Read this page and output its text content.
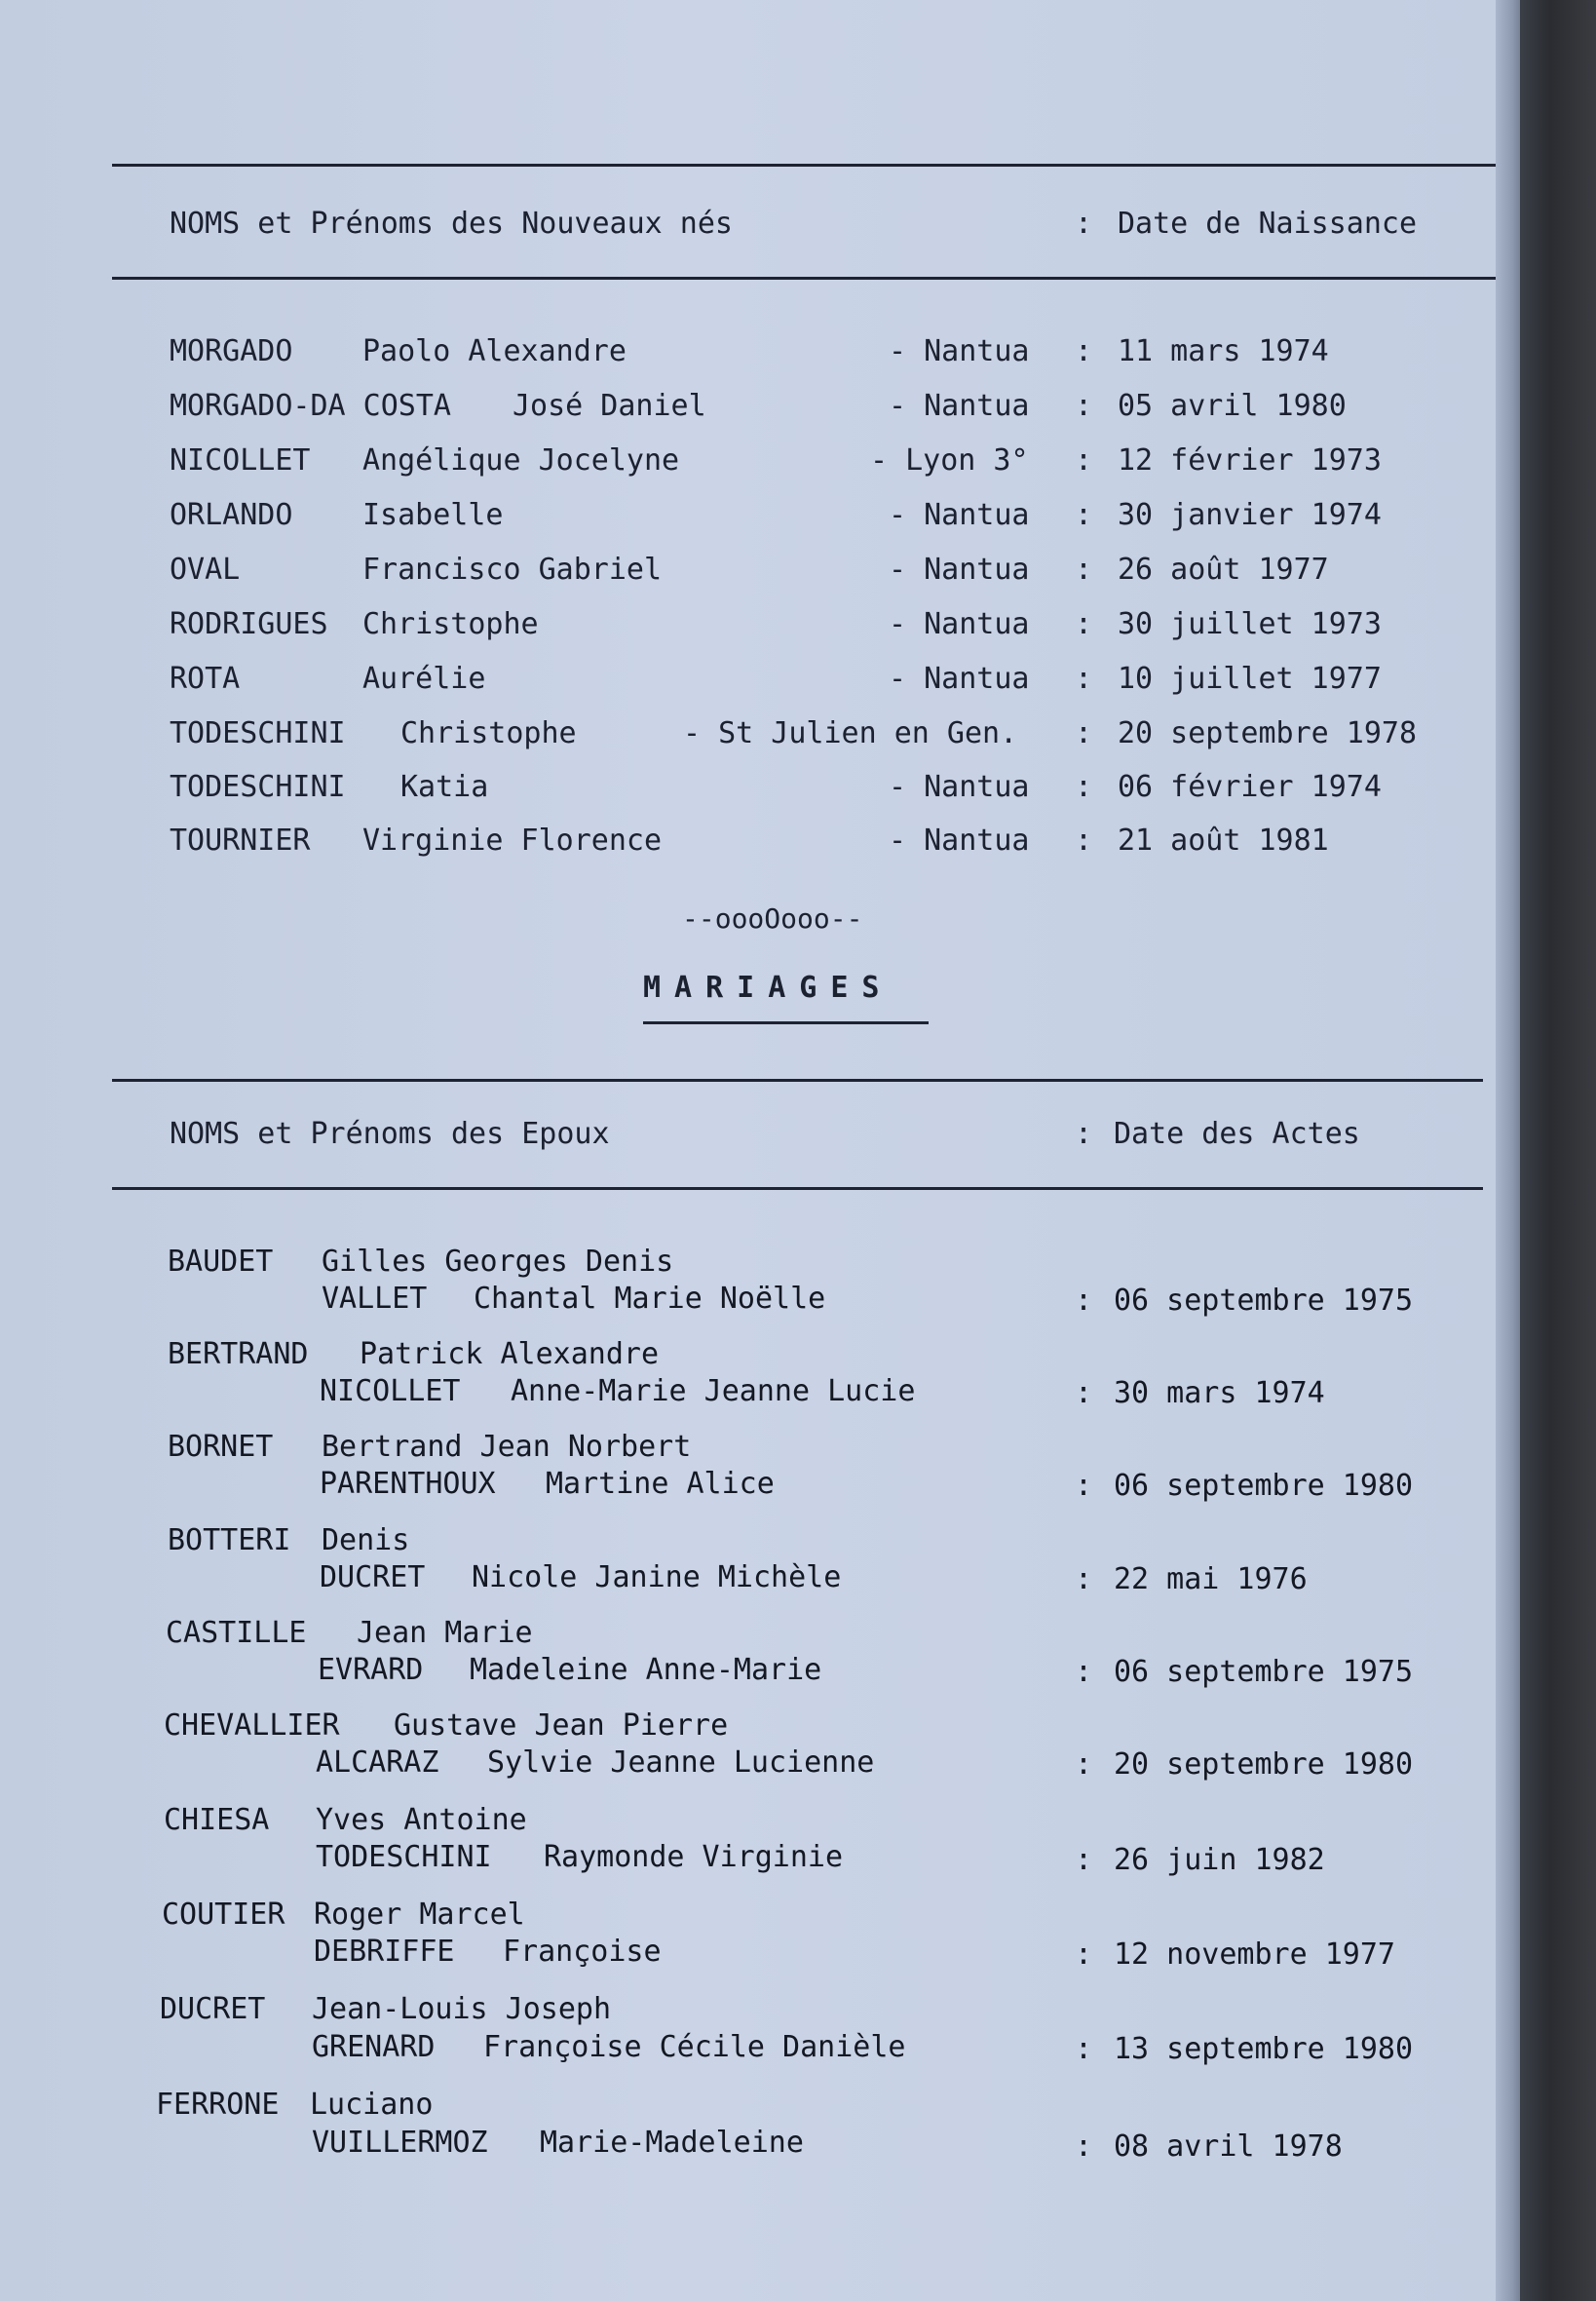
NOMS et Prénoms des Nouveaux nés	: Date de Naissance
MORGADO Paolo Alexandre	- Nantua : 11 mars 1974
MORGADO-DA COSTA José Daniel	- Nantua : 05 avril 1980
NICOLLET Angélique Jocelyne	- Lyon 3° : 12 février 1973
ORLANDO Isabelle	- Nantua : 30 janvier 1974
OVAL	Francisco Gabriel	- Nantua : 26 août 1977
RODRIGUES Christophe	- Nantua : 30 juillet 1973
ROTA	Aurélie	- Nantua : 10 juillet 1977
TODESCHINI Christophe	- St Julien en Gen. : 20 septembre 1978
TODESCHINI Katia	- Nantua : 06 février 1974
TOURNIER Virginie Florence	- Nantua : 21 août 1981
--oooOooo--
MARIAGES
NOMS et Prénoms des Epoux	: Date des Actes
BAUDET Gilles Georges Denis
VALLET Chantal Marie Noëlle	: 06 septembre 1975
BERTRAND Patrick Alexandre
NICOLLET Anne-Marie Jeanne Lucie	: 30 mars 1974
BORNET Bertrand Jean Norbert
PARENTHOUX Martine Alice	: 06 septembre 1980
BOTTERI Denis
DUCRET Nicole Janine Michèle	: 22 mai 1976
CASTILLE Jean Marie
EVRARD Madeleine Anne-Marie	: 06 septembre 1975
CHEVALLIER Gustave Jean Pierre
ALCARAZ Sylvie Jeanne Lucienne	: 20 septembre 1980
CHIESA Yves Antoine
TODESCHINI Raymonde Virginie	: 26 juin 1982
COUTIER Roger Marcel
DEBRIFFE Françoise	: 12 novembre 1977
DUCRET Jean-Louis Joseph
GRENARD Françoise Cécile Danièle	: 13 septembre 1980
FERRONE Luciano
VUILLERMOZ Marie-Madeleine	: 08 avril 1978
